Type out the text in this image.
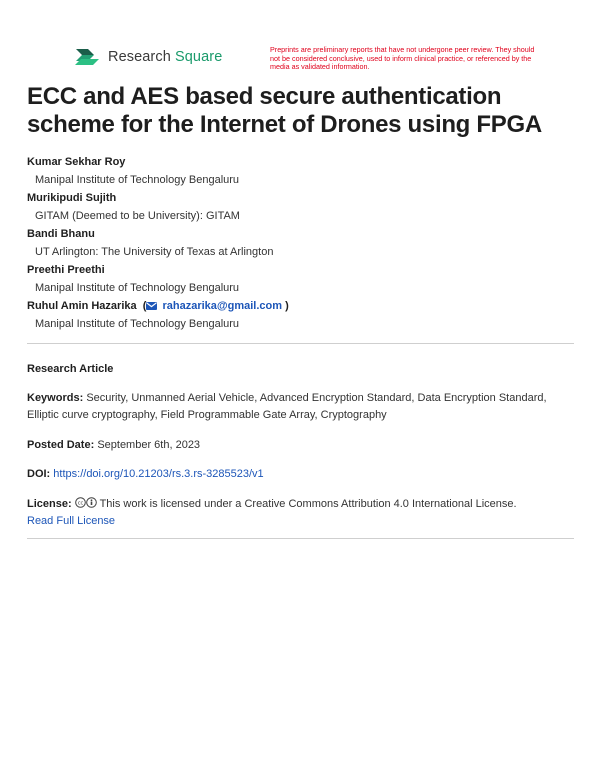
Research Square	Preprints are preliminary reports that have not undergone peer review. They should not be considered conclusive, used to inform clinical practice, or referenced by the media as validated information.
ECC and AES based secure authentication scheme for the Internet of Drones using FPGA
Kumar Sekhar Roy
Manipal Institute of Technology Bengaluru
Murikipudi Sujith
GITAM (Deemed to be University): GITAM
Bandi Bhanu
UT Arlington: The University of Texas at Arlington
Preethi Preethi
Manipal Institute of Technology Bengaluru
Ruhul Amin Hazarika  ( rahazarika@gmail.com )
Manipal Institute of Technology Bengaluru
Research Article
Keywords: Security, Unmanned Aerial Vehicle, Advanced Encryption Standard, Data Encryption Standard, Elliptic curve cryptography, Field Programmable Gate Array, Cryptography
Posted Date: September 6th, 2023
DOI: https://doi.org/10.21203/rs.3.rs-3285523/v1
License: cc This work is licensed under a Creative Commons Attribution 4.0 International License.
Read Full License
